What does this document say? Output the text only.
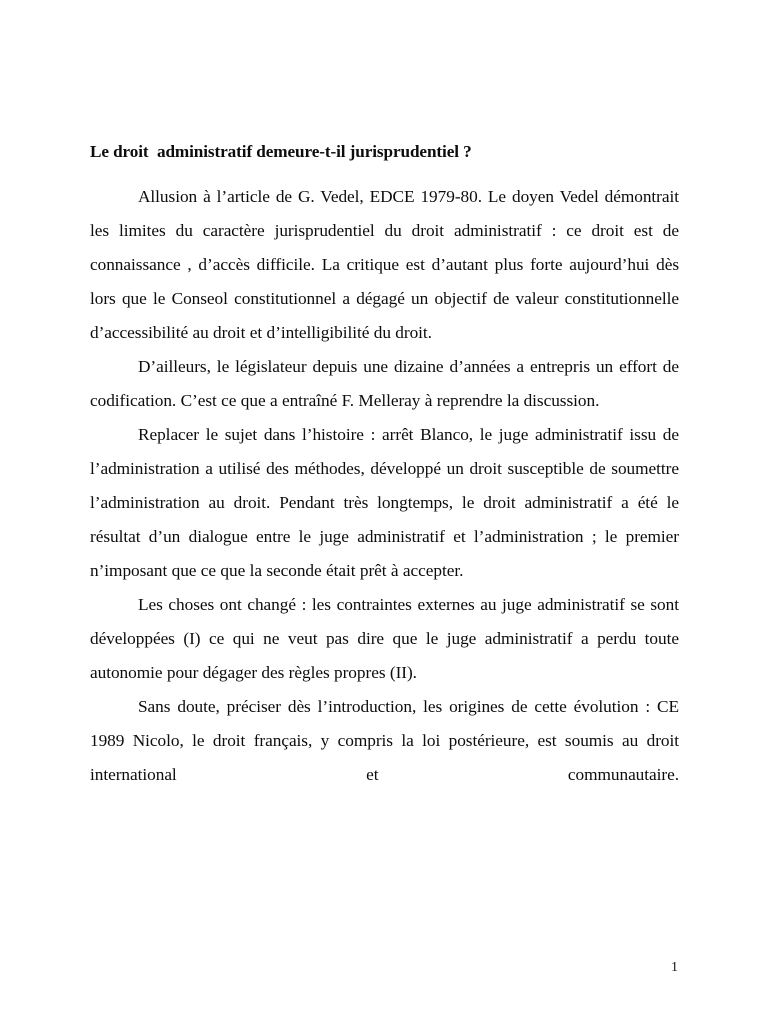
Le droit  administratif demeure-t-il jurisprudentiel ?

Allusion à l’article de G. Vedel, EDCE 1979-80. Le doyen Vedel démontrait les limites du caractère jurisprudentiel du droit administratif : ce droit est de connaissance , d’accès difficile. La critique est d’autant plus forte aujourd’hui dès lors que le Conseol constitutionnel a dégagé un objectif de valeur constitutionnelle d’accessibilité au droit et d’intelligibilité du droit.

D’ailleurs, le législateur depuis une dizaine d’années a entrepris un effort de codification. C’est ce que a entraîné F. Melleray à reprendre la discussion.

Replacer le sujet dans l’histoire : arrêt Blanco, le juge administratif issu de l’administration a utilisé des méthodes, développé un droit susceptible de soumettre l’administration au droit. Pendant très longtemps, le droit administratif a été le résultat d’un dialogue entre le juge administratif et l’administration ; le premier n’imposant que ce que la seconde était prêt à accepter.

Les choses ont changé : les contraintes externes au juge administratif se sont développées (I) ce qui ne veut pas dire que le juge administratif a perdu toute autonomie pour dégager des règles propres (II).

Sans doute, préciser dès l’introduction, les origines de cette évolution : CE 1989 Nicolo, le droit français, y compris la loi postérieure, est soumis au droit international et communautaire.

1
